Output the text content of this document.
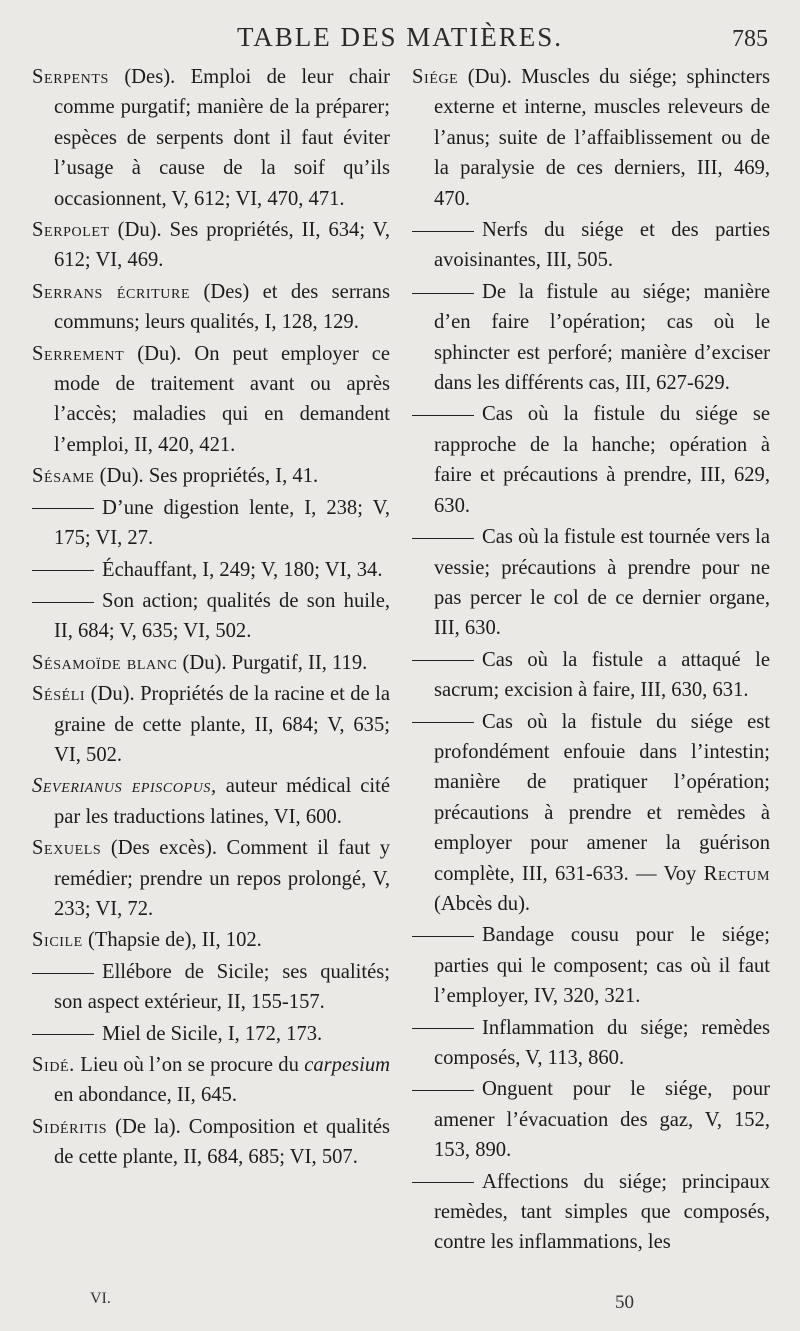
TABLE DES MATIÈRES.	785

Serpents (Des). Emploi de leur chair comme purgatif; manière de la préparer; espèces de serpents dont il faut éviter l’usage à cause de la soif qu’ils occasionnent, V, 612; VI, 470, 471.

Serpolet (Du). Ses propriétés, II, 634; V, 612; VI, 469.

Serrans écriture (Des) et des serrans communs; leurs qualités, I, 128, 129.

Serrement (Du). On peut employer ce mode de traitement avant ou après l’accès; maladies qui en demandent l’emploi, II, 420, 421.

Sésame (Du). Ses propriétés, I, 41.

D’une digestion lente, I, 238; V, 175; VI, 27.

Échauffant, I, 249; V, 180; VI, 34.

Son action; qualités de son huile, II, 684; V, 635; VI, 502.

Sésamoïde blanc (Du). Purgatif, II, 119.

Séséli (Du). Propriétés de la racine et de la graine de cette plante, II, 684; V, 635; VI, 502.

Severianus episcopus, auteur médical cité par les traductions latines, VI, 600.

Sexuels (Des excès). Comment il faut y remédier; prendre un repos prolongé, V, 233; VI, 72.

Sicile (Thapsie de), II, 102.

Ellébore de Sicile; ses qualités; son aspect extérieur, II, 155-157.

Miel de Sicile, I, 172, 173.

Sidé. Lieu où l’on se procure du carpesium en abondance, II, 645.

Sidéritis (De la). Composition et qualités de cette plante, II, 684, 685; VI, 507.

Siége (Du). Muscles du siége; sphincters externe et interne, muscles releveurs de l’anus; suite de l’affaiblissement ou de la paralysie de ces derniers, III, 469, 470.

Nerfs du siége et des parties avoisinantes, III, 505.

De la fistule au siége; manière d’en faire l’opération; cas où le sphincter est perforé; manière d’exciser dans les différents cas, III, 627-629.

Cas où la fistule du siége se rapproche de la hanche; opération à faire et précautions à prendre, III, 629, 630.

Cas où la fistule est tournée vers la vessie; précautions à prendre pour ne pas percer le col de ce dernier organe, III, 630.

Cas où la fistule a attaqué le sacrum; excision à faire, III, 630, 631.

Cas où la fistule du siége est profondément enfouie dans l’intestin; manière de pratiquer l’opération; précautions à prendre et remèdes à employer pour amener la guérison complète, III, 631-633. — Voy Rectum (Abcès du).

Bandage cousu pour le siége; parties qui le composent; cas où il faut l’employer, IV, 320, 321.

Inflammation du siége; remèdes composés, V, 113, 860.

Onguent pour le siége, pour amener l’évacuation des gaz, V, 152, 153, 890.

Affections du siége; principaux remèdes, tant simples que composés, contre les inflammations, les

VI.	50
